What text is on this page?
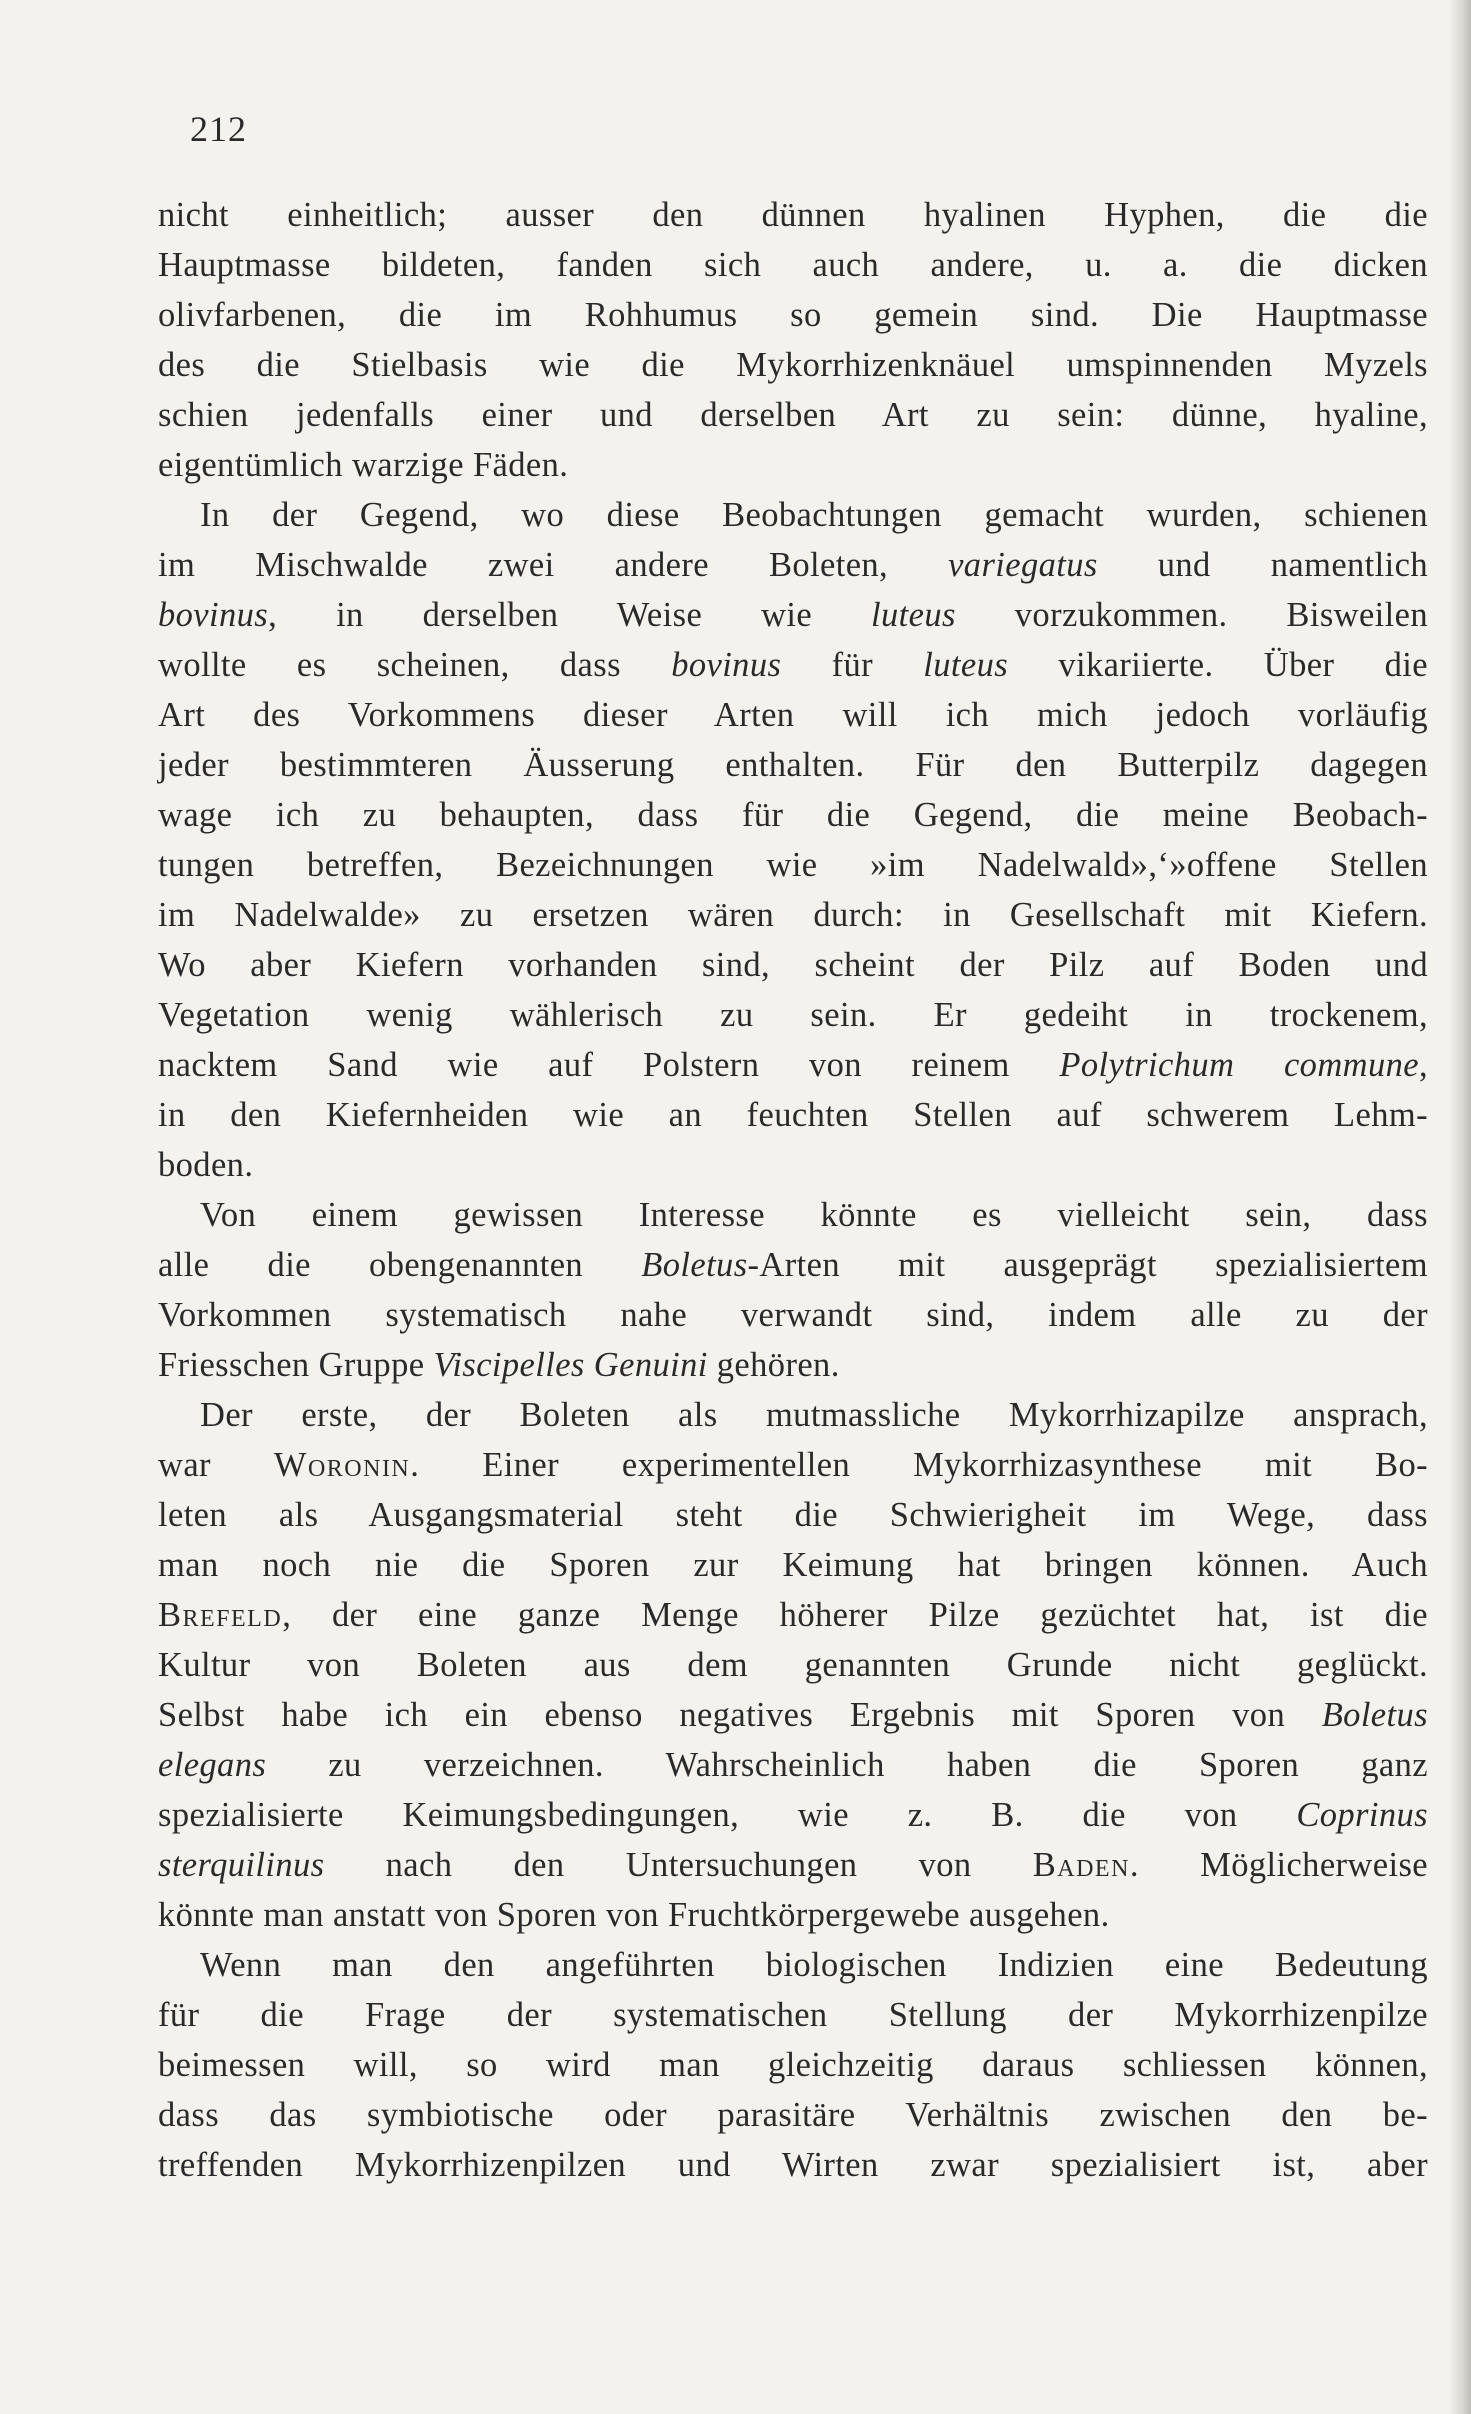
212
nicht einheitlich; ausser den dünnen hyalinen Hyphen, die die
Hauptmasse bildeten, fanden sich auch andere, u. a. die dicken
olivfarbenen, die im Rohhumus so gemein sind. Die Hauptmasse
des die Stielbasis wie die Mykorrhizenknäuel umspinnenden Myzels
schien jedenfalls einer und derselben Art zu sein: dünne, hyaline,
eigentümlich warzige Fäden.
In der Gegend, wo diese Beobachtungen gemacht wurden, schienen
im Mischwalde zwei andere Boleten, variegatus und namentlich
bovinus, in derselben Weise wie luteus vorzukommen. Bisweilen
wollte es scheinen, dass bovinus für luteus vikariierte. Über die
Art des Vorkommens dieser Arten will ich mich jedoch vorläufig
jeder bestimmteren Äusserung enthalten. Für den Butterpilz dagegen
wage ich zu behaupten, dass für die Gegend, die meine Beobach-
tungen betreffen, Bezeichnungen wie »im Nadelwald»,‘»offene Stellen
im Nadelwalde» zu ersetzen wären durch: in Gesellschaft mit Kiefern.
Wo aber Kiefern vorhanden sind, scheint der Pilz auf Boden und
Vegetation wenig wählerisch zu sein. Er gedeiht in trockenem,
nacktem Sand wie auf Polstern von reinem Polytrichum commune,
in den Kiefernheiden wie an feuchten Stellen auf schwerem Lehm-
boden.
Von einem gewissen Interesse könnte es vielleicht sein, dass
alle die obengenannten Boletus-Arten mit ausgeprägt spezialisiertem
Vorkommen systematisch nahe verwandt sind, indem alle zu der
Friesschen Gruppe Viscipelles Genuini gehören.
Der erste, der Boleten als mutmassliche Mykorrhizapilze ansprach,
war Woronin. Einer experimentellen Mykorrhizasynthese mit Bo-
leten als Ausgangsmaterial steht die Schwierigheit im Wege, dass
man noch nie die Sporen zur Keimung hat bringen können. Auch
Brefeld, der eine ganze Menge höherer Pilze gezüchtet hat, ist die
Kultur von Boleten aus dem genannten Grunde nicht geglückt.
Selbst habe ich ein ebenso negatives Ergebnis mit Sporen von Boletus
elegans zu verzeichnen. Wahrscheinlich haben die Sporen ganz
spezialisierte Keimungsbedingungen, wie z. B. die von Coprinus
sterquilinus nach den Untersuchungen von Baden. Möglicherweise
könnte man anstatt von Sporen von Fruchtkörpergewebe ausgehen.
Wenn man den angeführten biologischen Indizien eine Bedeutung
für die Frage der systematischen Stellung der Mykorrhizenpilze
beimessen will, so wird man gleichzeitig daraus schliessen können,
dass das symbiotische oder parasitäre Verhältnis zwischen den be-
treffenden Mykorrhizenpilzen und Wirten zwar spezialisiert ist, aber
